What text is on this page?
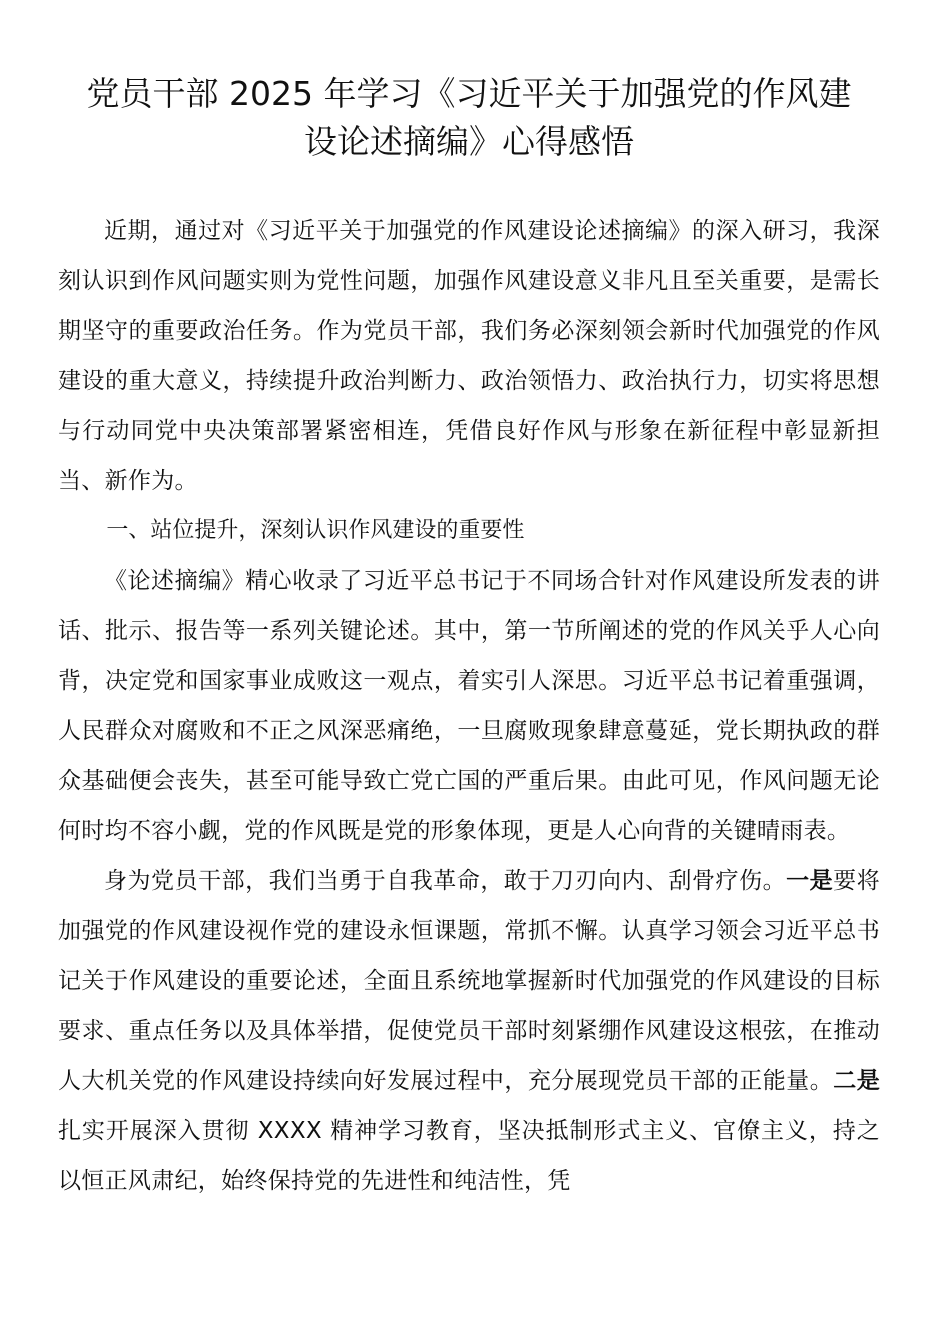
党员干部 2025 年学习《习近平关于加强党的作风建
设论述摘编》心得感悟

近期，通过对《习近平关于加强党的作风建设论述摘编》的深入研习，我深刻认识到作风问题实则为党性问题，加强作风建设意义非凡且至关重要，是需长期坚守的重要政治任务。作为党员干部，我们务必深刻领会新时代加强党的作风建设的重大意义，持续提升政治判断力、政治领悟力、政治执行力，切实将思想与行动同党中央决策部署紧密相连，凭借良好作风与形象在新征程中彰显新担当、新作为。

一、站位提升，深刻认识作风建设的重要性

《论述摘编》精心收录了习近平总书记于不同场合针对作风建设所发表的讲话、批示、报告等一系列关键论述。其中，第一节所阐述的党的作风关乎人心向背，决定党和国家事业成败这一观点，着实引人深思。习近平总书记着重强调，人民群众对腐败和不正之风深恶痛绝，一旦腐败现象肆意蔓延，党长期执政的群众基础便会丧失，甚至可能导致亡党亡国的严重后果。由此可见，作风问题无论何时均不容小觑，党的作风既是党的形象体现，更是人心向背的关键晴雨表。

身为党员干部，我们当勇于自我革命，敢于刀刃向内、刮骨疗伤。一是要将加强党的作风建设视作党的建设永恒课题，常抓不懈。认真学习领会习近平总书记关于作风建设的重要论述，全面且系统地掌握新时代加强党的作风建设的目标要求、重点任务以及具体举措，促使党员干部时刻紧绷作风建设这根弦，在推动人大机关党的作风建设持续向好发展过程中，充分展现党员干部的正能量。二是扎实开展深入贯彻 XXXX 精神学习教育，坚决抵制形式主义、官僚主义，持之以恒正风肃纪，始终保持党的先进性和纯洁性，凭
